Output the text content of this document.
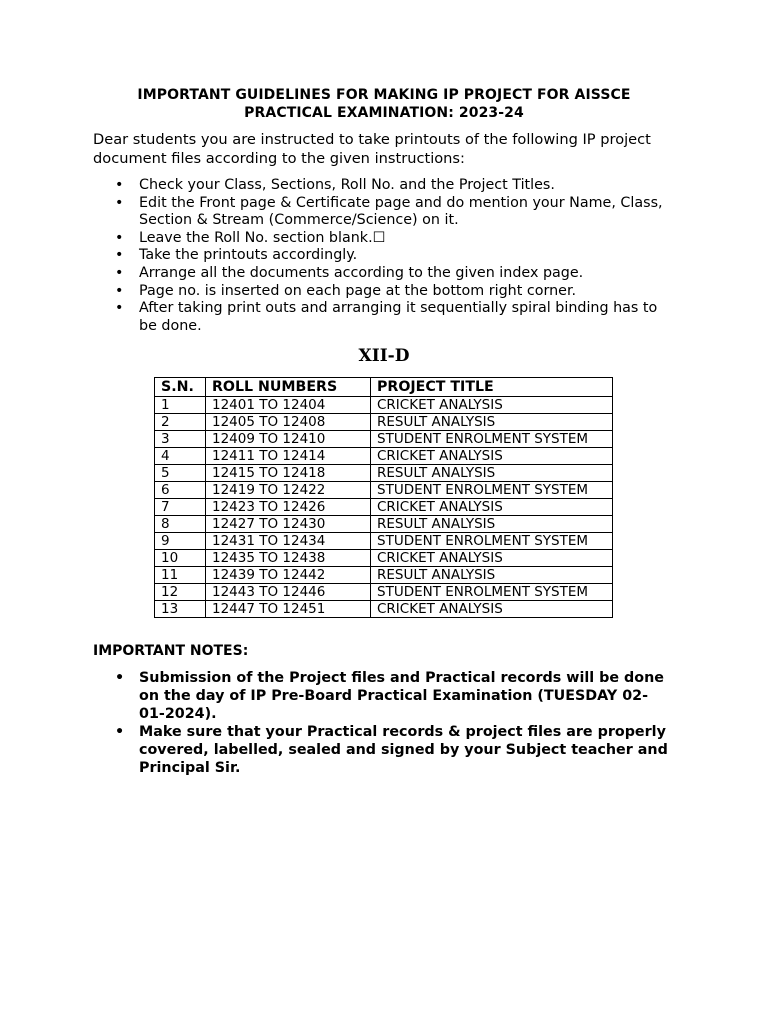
IMPORTANT GUIDELINES FOR MAKING IP PROJECT FOR AISSCE
PRACTICAL EXAMINATION: 2023-24
Dear students you are instructed to take printouts of the following IP project document files according to the given instructions:
• Check your Class, Sections, Roll No. and the Project Titles.
• Edit the Front page & Certificate page and do mention your Name, Class, Section & Stream (Commerce/Science) on it.
• Leave the Roll No. section blank.☐
• Take the printouts accordingly.
• Arrange all the documents according to the given index page.
• Page no. is inserted on each page at the bottom right corner.
• After taking print outs and arranging it sequentially spiral binding has to be done.
XII-D
S.N.	ROLL NUMBERS	PROJECT TITLE
1	12401 TO 12404	CRICKET ANALYSIS
2	12405 TO 12408	RESULT ANALYSIS
3	12409 TO 12410	STUDENT ENROLMENT SYSTEM
4	12411 TO 12414	CRICKET ANALYSIS
5	12415 TO 12418	RESULT ANALYSIS
6	12419 TO 12422	STUDENT ENROLMENT SYSTEM
7	12423 TO 12426	CRICKET ANALYSIS
8	12427 TO 12430	RESULT ANALYSIS
9	12431 TO 12434	STUDENT ENROLMENT SYSTEM
10	12435 TO 12438	CRICKET ANALYSIS
11	12439 TO 12442	RESULT ANALYSIS
12	12443 TO 12446	STUDENT ENROLMENT SYSTEM
13	12447 TO 12451	CRICKET ANALYSIS
IMPORTANT NOTES:
• Submission of the Project files and Practical records will be done on the day of IP Pre-Board Practical Examination (TUESDAY 02-01-2024).
• Make sure that your Practical records & project files are properly covered, labelled, sealed and signed by your Subject teacher and Principal Sir.
